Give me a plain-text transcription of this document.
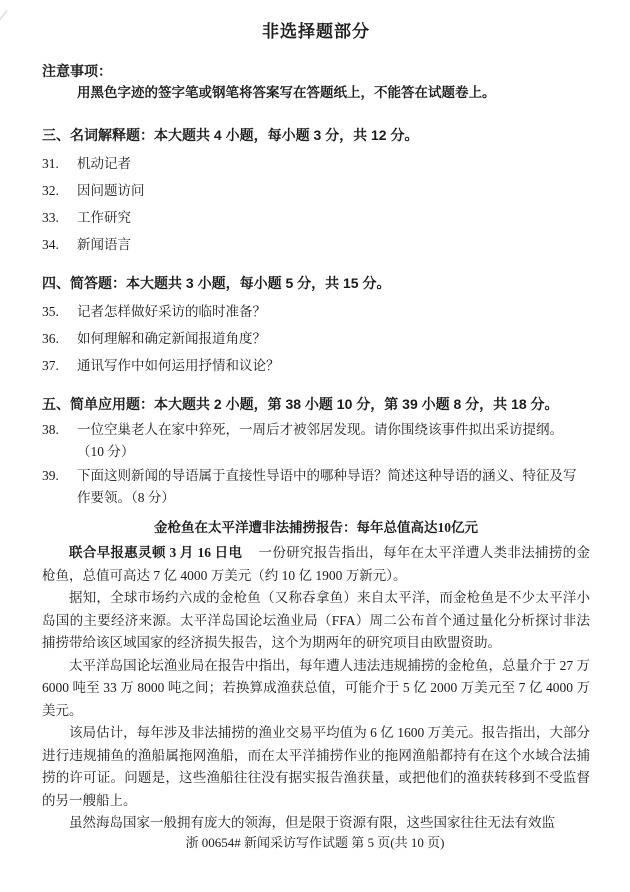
非选择题部分
注意事项：
用黑色字迹的签字笔或钢笔将答案写在答题纸上，不能答在试题卷上。
三、名词解释题：本大题共 4 小题，每小题 3 分，共 12 分。
31.	机动记者
32.	因问题访问
33.	工作研究
34.	新闻语言
四、简答题：本大题共 3 小题，每小题 5 分，共 15 分。
35.	记者怎样做好采访的临时准备？
36.	如何理解和确定新闻报道角度？
37.	通讯写作中如何运用抒情和议论？
五、简单应用题：本大题共 2 小题，第 38 小题 10 分，第 39 小题 8 分，共 18 分。
38.	一位空巢老人在家中猝死，一周后才被邻居发现。请你围绕该事件拟出采访提纲。
（10 分）
39.	下面这则新闻的导语属于直接性导语中的哪种导语？简述这种导语的涵义、特征及写作要领。（8 分）
金枪鱼在太平洋遭非法捕捞报告：每年总值高达10亿元

联合早报惠灵顿 3 月 16 日电 一份研究报告指出，每年在太平洋遭人类非法捕捞的金枪鱼，总值可高达 7 亿 4000 万美元（约 10 亿 1900 万新元）。

据知，全球市场约六成的金枪鱼（又称吞拿鱼）来自太平洋，而金枪鱼是不少太平洋小岛国的主要经济来源。太平洋岛国论坛渔业局（FFA）周二公布首个通过量化分析探讨非法捕捞带给该区域国家的经济损失报告，这个为期两年的研究项目由欧盟资助。

太平洋岛国论坛渔业局在报告中指出，每年遭人违法违规捕捞的金枪鱼，总量介于 27 万 6000 吨至 33 万 8000 吨之间；若换算成渔获总值，可能介于 5 亿 2000 万美元至 7 亿 4000 万美元。

该局估计，每年涉及非法捕捞的渔业交易平均值为 6 亿 1600 万美元。报告指出，大部分进行违规捕鱼的渔船属拖网渔船，而在太平洋捕捞作业的拖网渔船都持有在这个水域合法捕捞的许可证。问题是，这些渔船往往没有据实报告渔获量，或把他们的渔获转移到不受监督的另一艘船上。

虽然海岛国家一般拥有庞大的领海，但是限于资源有限，这些国家往往无法有效监

浙 00654# 新闻采访写作试题 第 5 页(共 10 页)
